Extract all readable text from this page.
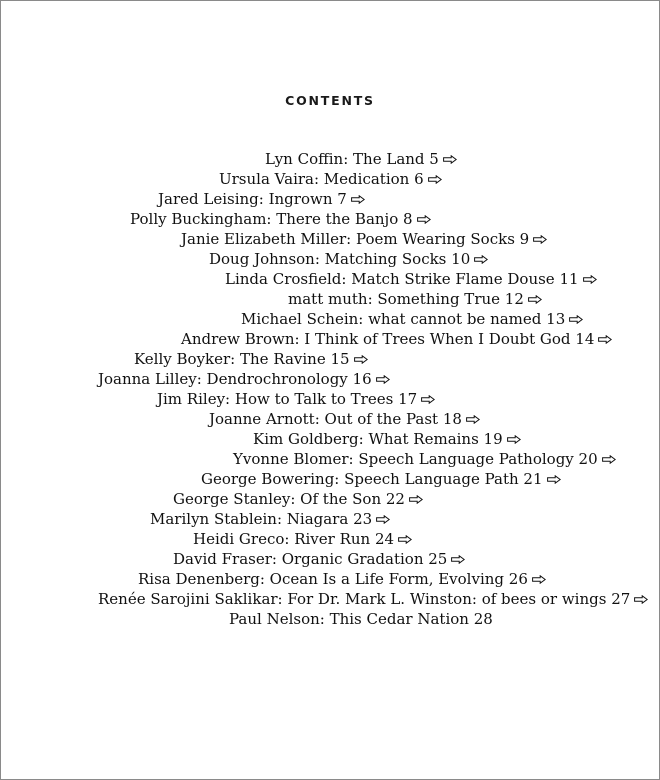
CONTENTS
Lyn Coffin: The Land 5
Ursula Vaira: Medication 6
Jared Leising: Ingrown 7
Polly Buckingham: There the Banjo 8
Janie Elizabeth Miller: Poem Wearing Socks 9
Doug Johnson: Matching Socks 10
Linda Crosfield: Match Strike Flame Douse 11
matt muth: Something True 12
Michael Schein: what cannot be named 13
Andrew Brown: I Think of Trees When I Doubt God 14
Kelly Boyker: The Ravine 15
Joanna Lilley: Dendrochronology 16
Jim Riley: How to Talk to Trees 17
Joanne Arnott: Out of the Past 18
Kim Goldberg: What Remains 19
Yvonne Blomer: Speech Language Pathology 20
George Bowering: Speech Language Path 21
George Stanley: Of the Son 22
Marilyn Stablein: Niagara 23
Heidi Greco: River Run 24
David Fraser: Organic Gradation 25
Risa Denenberg: Ocean Is a Life Form, Evolving 26
Renée Sarojini Saklikar: For Dr. Mark L. Winston: of bees or wings 27
Paul Nelson: This Cedar Nation 28
